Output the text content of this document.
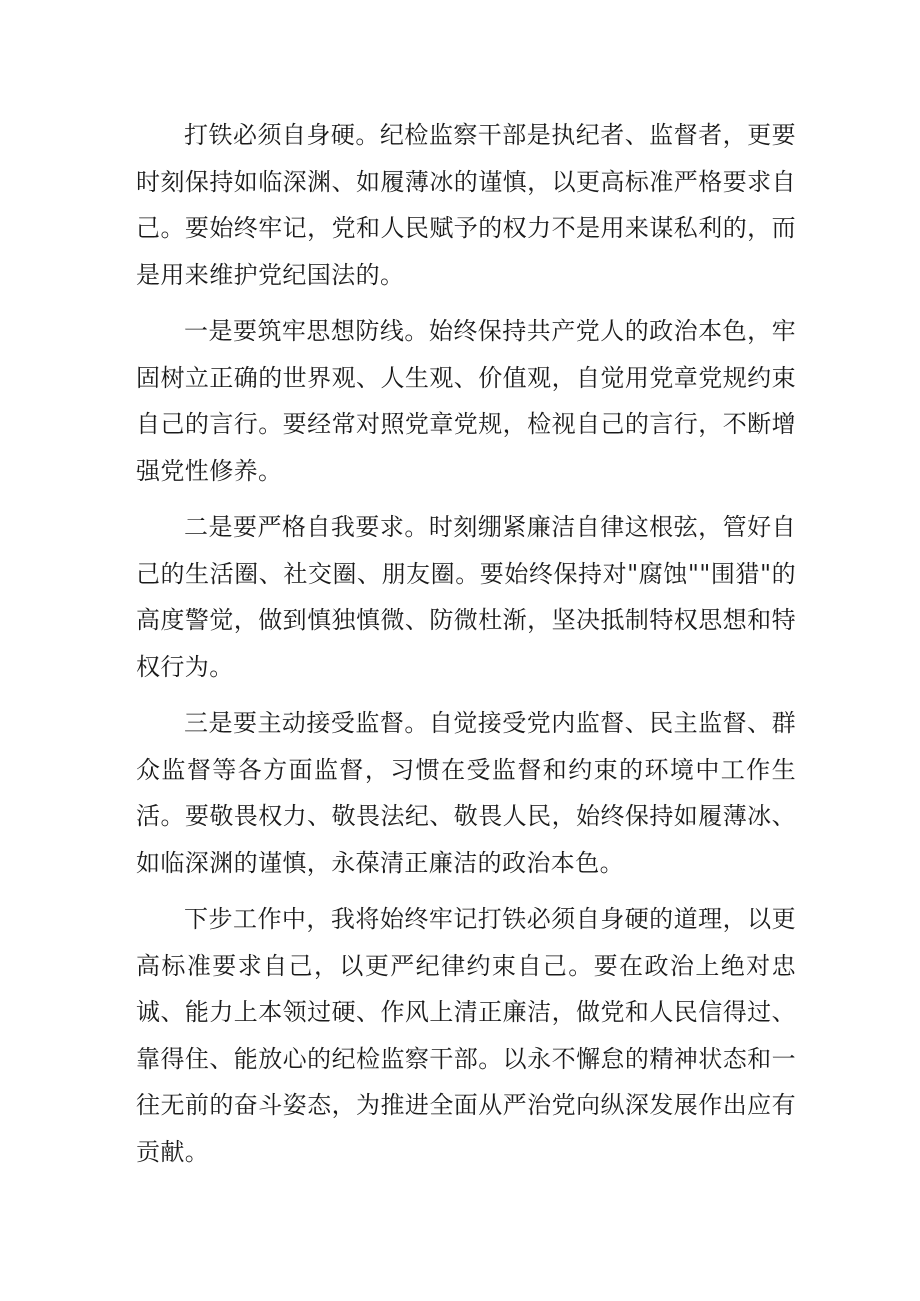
打铁必须自身硬。纪检监察干部是执纪者、监督者，更要时刻保持如临深渊、如履薄冰的谨慎，以更高标准严格要求自己。要始终牢记，党和人民赋予的权力不是用来谋私利的，而是用来维护党纪国法的。

一是要筑牢思想防线。始终保持共产党人的政治本色，牢固树立正确的世界观、人生观、价值观，自觉用党章党规约束自己的言行。要经常对照党章党规，检视自己的言行，不断增强党性修养。

二是要严格自我要求。时刻绷紧廉洁自律这根弦，管好自己的生活圈、社交圈、朋友圈。要始终保持对"腐蚀""围猎"的高度警觉，做到慎独慎微、防微杜渐，坚决抵制特权思想和特权行为。

三是要主动接受监督。自觉接受党内监督、民主监督、群众监督等各方面监督，习惯在受监督和约束的环境中工作生活。要敬畏权力、敬畏法纪、敬畏人民，始终保持如履薄冰、如临深渊的谨慎，永葆清正廉洁的政治本色。

下步工作中，我将始终牢记打铁必须自身硬的道理，以更高标准要求自己，以更严纪律约束自己。要在政治上绝对忠诚、能力上本领过硬、作风上清正廉洁，做党和人民信得过、靠得住、能放心的纪检监察干部。以永不懈怠的精神状态和一往无前的奋斗姿态，为推进全面从严治党向纵深发展作出应有贡献。
